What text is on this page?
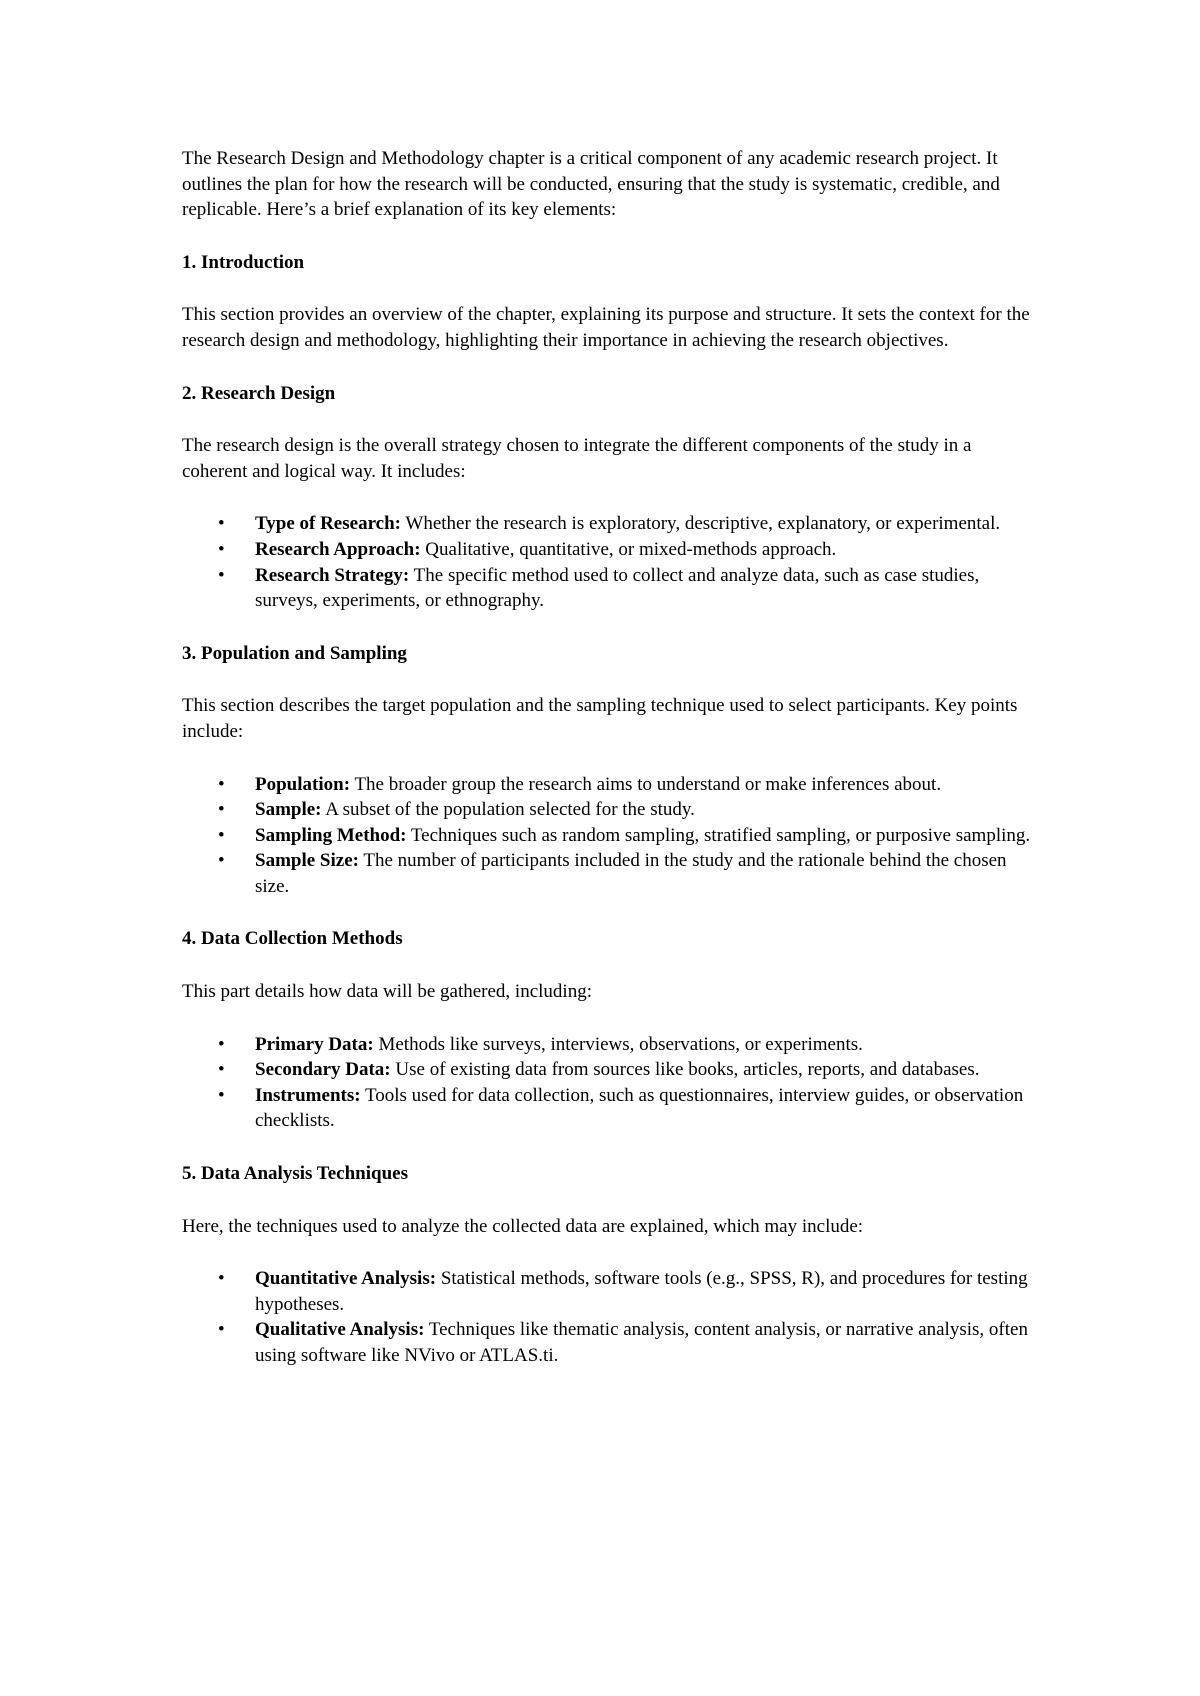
The Research Design and Methodology chapter is a critical component of any academic research project. It outlines the plan for how the research will be conducted, ensuring that the study is systematic, credible, and replicable. Here’s a brief explanation of its key elements:

1. Introduction

This section provides an overview of the chapter, explaining its purpose and structure. It sets the context for the research design and methodology, highlighting their importance in achieving the research objectives.

2. Research Design

The research design is the overall strategy chosen to integrate the different components of the study in a coherent and logical way. It includes:

• Type of Research: Whether the research is exploratory, descriptive, explanatory, or experimental.
• Research Approach: Qualitative, quantitative, or mixed-methods approach.
• Research Strategy: The specific method used to collect and analyze data, such as case studies, surveys, experiments, or ethnography.

3. Population and Sampling

This section describes the target population and the sampling technique used to select participants. Key points include:

• Population: The broader group the research aims to understand or make inferences about.
• Sample: A subset of the population selected for the study.
• Sampling Method: Techniques such as random sampling, stratified sampling, or purposive sampling.
• Sample Size: The number of participants included in the study and the rationale behind the chosen size.

4. Data Collection Methods

This part details how data will be gathered, including:

• Primary Data: Methods like surveys, interviews, observations, or experiments.
• Secondary Data: Use of existing data from sources like books, articles, reports, and databases.
• Instruments: Tools used for data collection, such as questionnaires, interview guides, or observation checklists.

5. Data Analysis Techniques

Here, the techniques used to analyze the collected data are explained, which may include:

• Quantitative Analysis: Statistical methods, software tools (e.g., SPSS, R), and procedures for testing hypotheses.
• Qualitative Analysis: Techniques like thematic analysis, content analysis, or narrative analysis, often using software like NVivo or ATLAS.ti.
